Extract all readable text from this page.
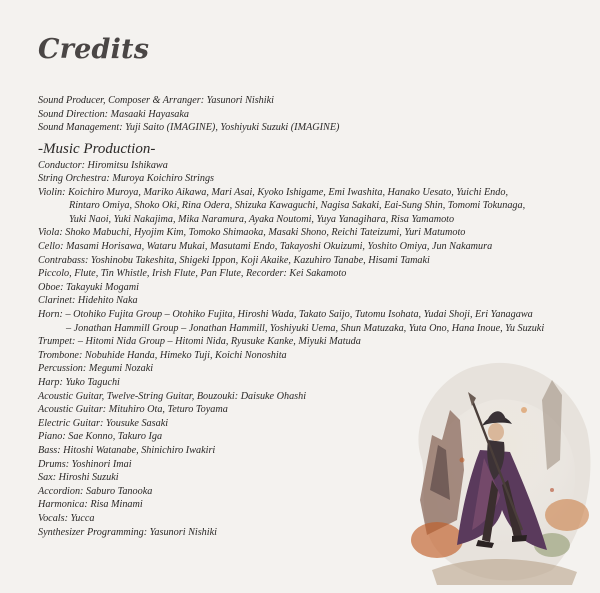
Credits
Sound Producer, Composer & Arranger: Yasunori Nishiki
Sound Direction: Masaaki Hayasaka
Sound Management: Yuji Saito (IMAGINE), Yoshiyuki Suzuki (IMAGINE)
-Music Production-
Conductor: Hiromitsu Ishikawa
String Orchestra: Muroya Koichiro Strings
Violin: Koichiro Muroya, Mariko Aikawa, Mari Asai, Kyoko Ishigame, Emi Iwashita, Hanako Uesato, Yuichi Endo,
Rintaro Omiya, Shoko Oki, Rina Odera, Shizuka Kawaguchi, Nagisa Sakaki, Eai-Sung Shin, Tomomi Tokunaga,
Yuki Naoi, Yuki Nakajima, Mika Naramura, Ayaka Noutomi, Yuya Yanagihara, Risa Yamamoto
Viola: Shoko Mabuchi, Hyojim Kim, Tomoko Shimaoka, Masaki Shono, Reichi Tateizumi, Yuri Matumoto
Cello: Masami Horisawa, Wataru Mukai, Masutami Endo, Takayoshi Okuizumi, Yoshito Omiya, Jun Nakamura
Contrabass: Yoshinobu Takeshita, Shigeki Ippon, Koji Akaike, Kazuhiro Tanabe, Hisami Tamaki
Piccolo, Flute, Tin Whistle, Irish Flute, Pan Flute, Recorder: Kei Sakamoto
Oboe: Takayuki Mogami
Clarinet: Hidehito Naka
Horn: – Otohiko Fujita Group – Otohiko Fujita, Hiroshi Wada, Takato Saijo, Tutomu Isohata, Yudai Shoji, Eri Yanagawa
– Jonathan Hammill Group – Jonathan Hammill, Yoshiyuki Uema, Shun Matuzaka, Yuta Ono, Hana Inoue, Yu Suzuki
Trumpet: – Hitomi Nida Group – Hitomi Nida, Ryusuke Kanke, Miyuki Matuda
Trombone: Nobuhide Handa, Himeko Tuji, Koichi Nonoshita
Percussion: Megumi Nozaki
Harp: Yuko Taguchi
Acoustic Guitar, Twelve-String Guitar, Bouzouki: Daisuke Ohashi
Acoustic Guitar: Mituhiro Ota, Teturo Toyama
Electric Guitar: Yousuke Sasaki
Piano: Sae Konno, Takuro Iga
Bass: Hitoshi Watanabe, Shinichiro Iwakiri
Drums: Yoshinori Imai
Sax: Hiroshi Suzuki
Accordion: Saburo Tanooka
Harmonica: Risa Minami
Vocals: Yucca
Synthesizer Programming: Yasunori Nishiki
